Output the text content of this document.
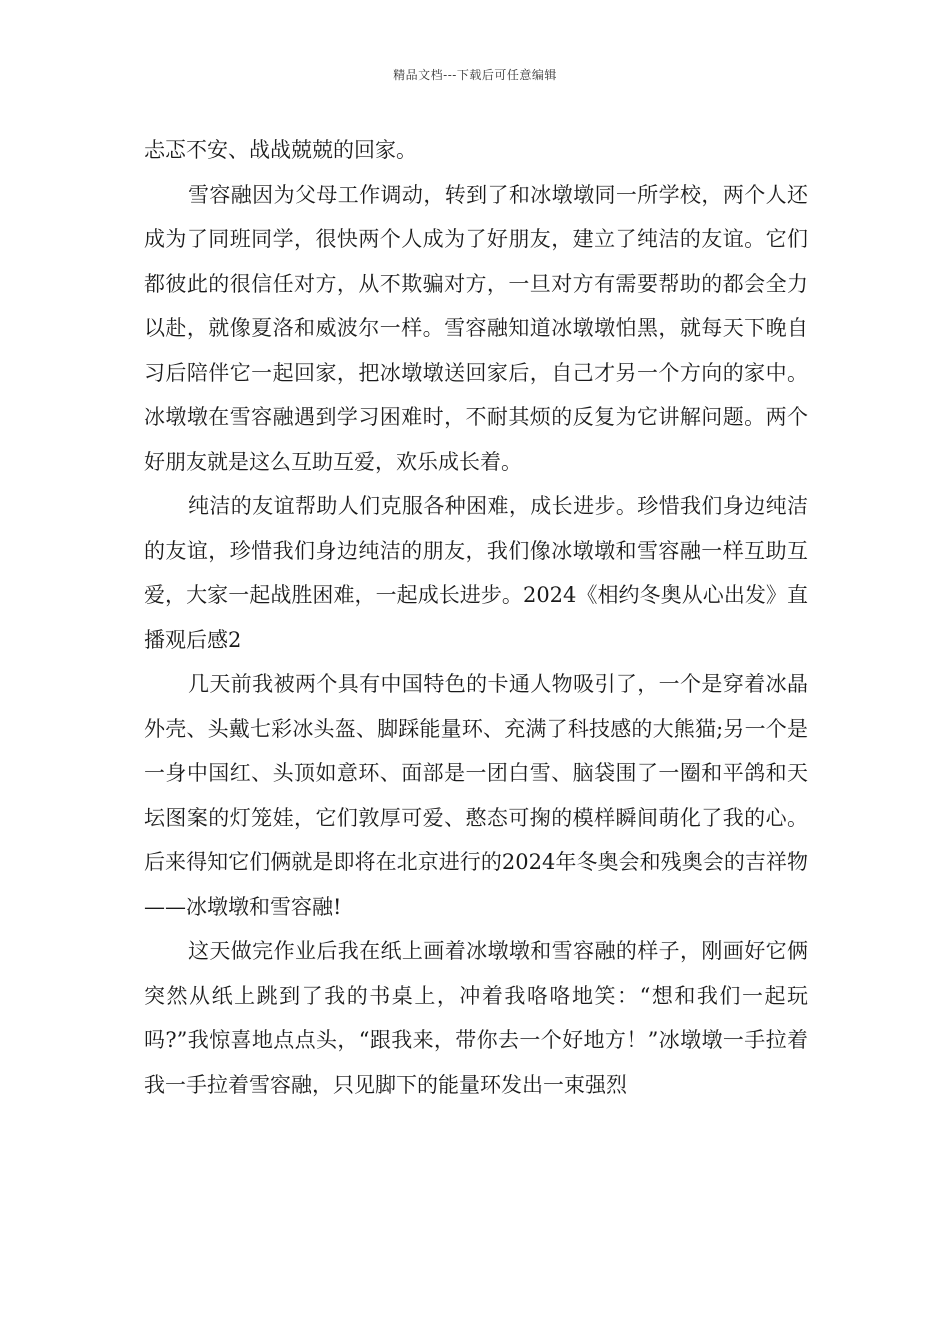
精品文档---下载后可任意编辑

忐忑不安、战战兢兢的回家。

雪容融因为父母工作调动，转到了和冰墩墩同一所学校，两个人还成为了同班同学，很快两个人成为了好朋友，建立了纯洁的友谊。它们都彼此的很信任对方，从不欺骗对方，一旦对方有需要帮助的都会全力以赴，就像夏洛和威波尔一样。雪容融知道冰墩墩怕黑，就每天下晚自习后陪伴它一起回家，把冰墩墩送回家后，自己才另一个方向的家中。冰墩墩在雪容融遇到学习困难时，不耐其烦的反复为它讲解问题。两个好朋友就是这么互助互爱，欢乐成长着。

纯洁的友谊帮助人们克服各种困难，成长进步。珍惜我们身边纯洁的友谊，珍惜我们身边纯洁的朋友，我们像冰墩墩和雪容融一样互助互爱，大家一起战胜困难，一起成长进步。2024《相约冬奥从心出发》直播观后感2

几天前我被两个具有中国特色的卡通人物吸引了，一个是穿着冰晶外壳、头戴七彩冰头盔、脚踩能量环、充满了科技感的大熊猫;另一个是一身中国红、头顶如意环、面部是一团白雪、脑袋围了一圈和平鸽和天坛图案的灯笼娃，它们敦厚可爱、憨态可掬的模样瞬间萌化了我的心。后来得知它们俩就是即将在北京进行的2024年冬奥会和残奥会的吉祥物——冰墩墩和雪容融!

这天做完作业后我在纸上画着冰墩墩和雪容融的样子，刚画好它俩突然从纸上跳到了我的书桌上，冲着我咯咯地笑：“想和我们一起玩吗?”我惊喜地点点头，“跟我来，带你去一个好地方！”冰墩墩一手拉着我一手拉着雪容融，只见脚下的能量环发出一束强烈
